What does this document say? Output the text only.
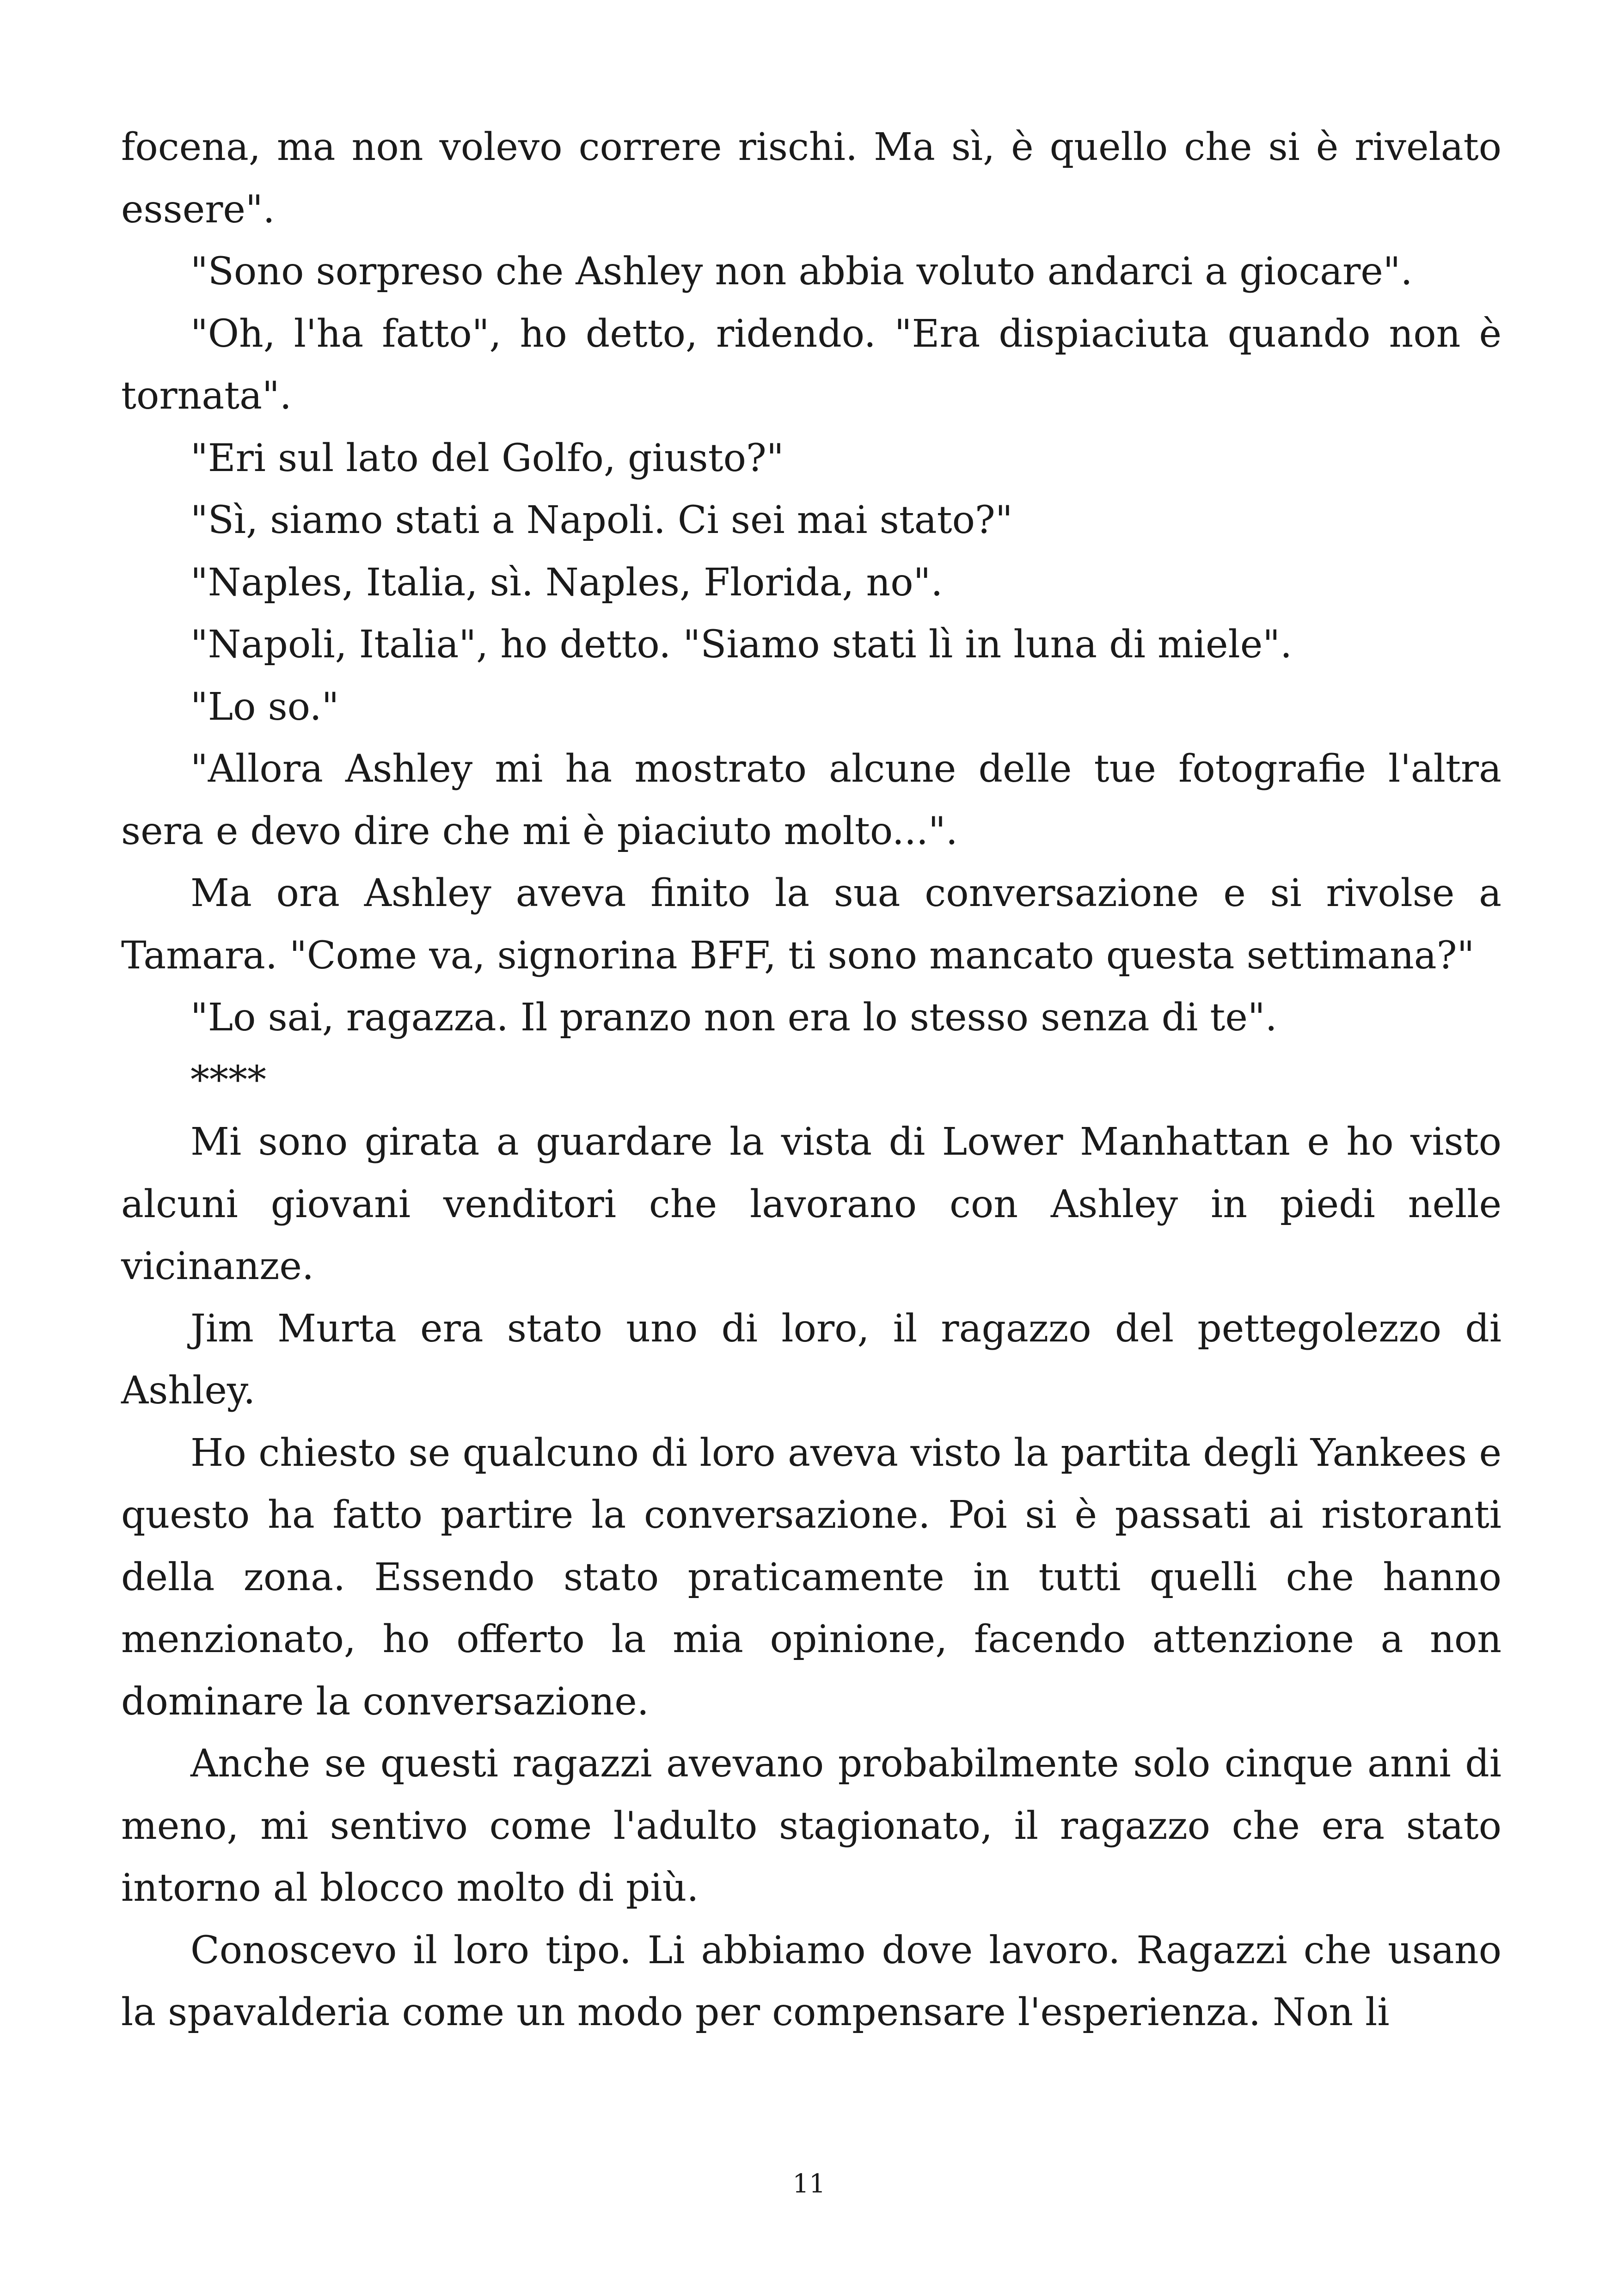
focena, ma non volevo correre rischi. Ma sì, è quello che si è rivelato essere".

"Sono sorpreso che Ashley non abbia voluto andarci a giocare".

"Oh, l'ha fatto", ho detto, ridendo. "Era dispiaciuta quando non è tornata".

"Eri sul lato del Golfo, giusto?"

"Sì, siamo stati a Napoli. Ci sei mai stato?"

"Naples, Italia, sì. Naples, Florida, no".

"Napoli, Italia", ho detto. "Siamo stati lì in luna di miele".

"Lo so."

"Allora Ashley mi ha mostrato alcune delle tue fotografie l'altra sera e devo dire che mi è piaciuto molto...".

Ma ora Ashley aveva finito la sua conversazione e si rivolse a Tamara. "Come va, signorina BFF, ti sono mancato questa settimana?"

"Lo sai, ragazza. Il pranzo non era lo stesso senza di te".

****

Mi sono girata a guardare la vista di Lower Manhattan e ho visto alcuni giovani venditori che lavorano con Ashley in piedi nelle vicinanze.

Jim Murta era stato uno di loro, il ragazzo del pettegolezzo di Ashley.

Ho chiesto se qualcuno di loro aveva visto la partita degli Yankees e questo ha fatto partire la conversazione. Poi si è passati ai ristoranti della zona. Essendo stato praticamente in tutti quelli che hanno menzionato, ho offerto la mia opinione, facendo attenzione a non dominare la conversazione.

Anche se questi ragazzi avevano probabilmente solo cinque anni di meno, mi sentivo come l'adulto stagionato, il ragazzo che era stato intorno al blocco molto di più.

Conoscevo il loro tipo. Li abbiamo dove lavoro. Ragazzi che usano la spavalderia come un modo per compensare l'esperienza. Non li

11
